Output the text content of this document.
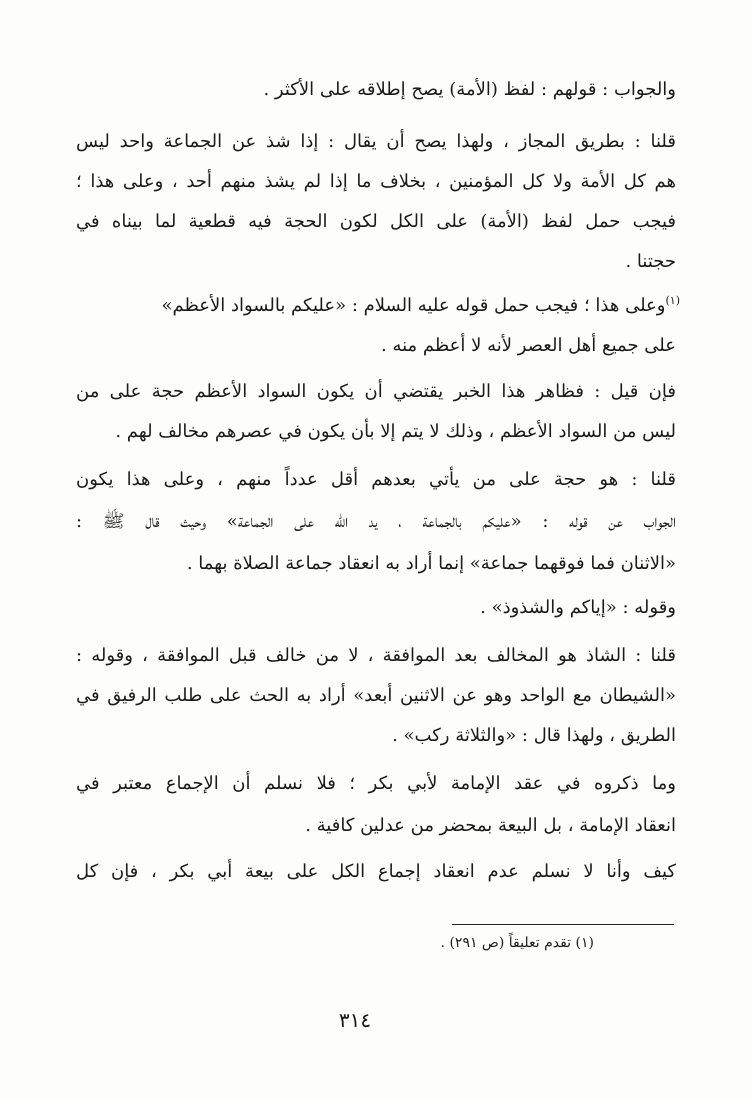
والجواب : قولهم : لفظ (الأمة) يصح إطلاقه على الأكثر .
قلنا : بطريق المجاز ، ولهذا يصح أن يقال : إذا شذ عن الجماعة واحد ليس
هم كل الأمة ولا كل المؤمنين ، بخلاف ما إذا لم يشذ منهم أحد ، وعلى هذا ؛
فيجب حمل لفظ (الأمة) على الكل لكون الحجة فيه قطعية لما بيناه في
حجتنا .
$^{(١)}$وعلى هذا ؛ فيجب حمل قوله عليه السلام : «عليكم بالسواد الأعظم»
على جميع أهل العصر لأنه لا أعظم منه .
فإن قيل : فظاهر هذا الخبر يقتضي أن يكون السواد الأعظم حجة على من
ليس من السواد الأعظم ، وذلك لا يتم إلا بأن يكون في عصرهم مخالف لهم .
قلنا : هو حجة على من يأتي بعدهم أقل عدداً منهم ، وعلى هذا يكون
الجواب عن قوله : «عليكم بالجماعة ، يد الله على الجماعة» وحيث قال ﷺ :
«الاثنان فما فوقهما جماعة» إنما أراد به انعقاد جماعة الصلاة بهما .
وقوله : «إياكم والشذوذ» .
قلنا : الشاذ هو المخالف بعد الموافقة ، لا من خالف قبل الموافقة ، وقوله :
«الشيطان مع الواحد وهو عن الاثنين أبعد» أراد به الحث على طلب الرفيق في
الطريق ، ولهذا قال : «والثلاثة ركب» .
وما ذكروه في عقد الإمامة لأبي بكر ؛ فلا نسلم أن الإجماع معتبر في
انعقاد الإمامة ، بل البيعة بمحضر من عدلين كافية .
كيف وأنا لا نسلم عدم انعقاد إجماع الكل على بيعة أبي بكر ، فإن كل
(١) تقدم تعليقاً (ص ٢٩١) .
٣١٤
